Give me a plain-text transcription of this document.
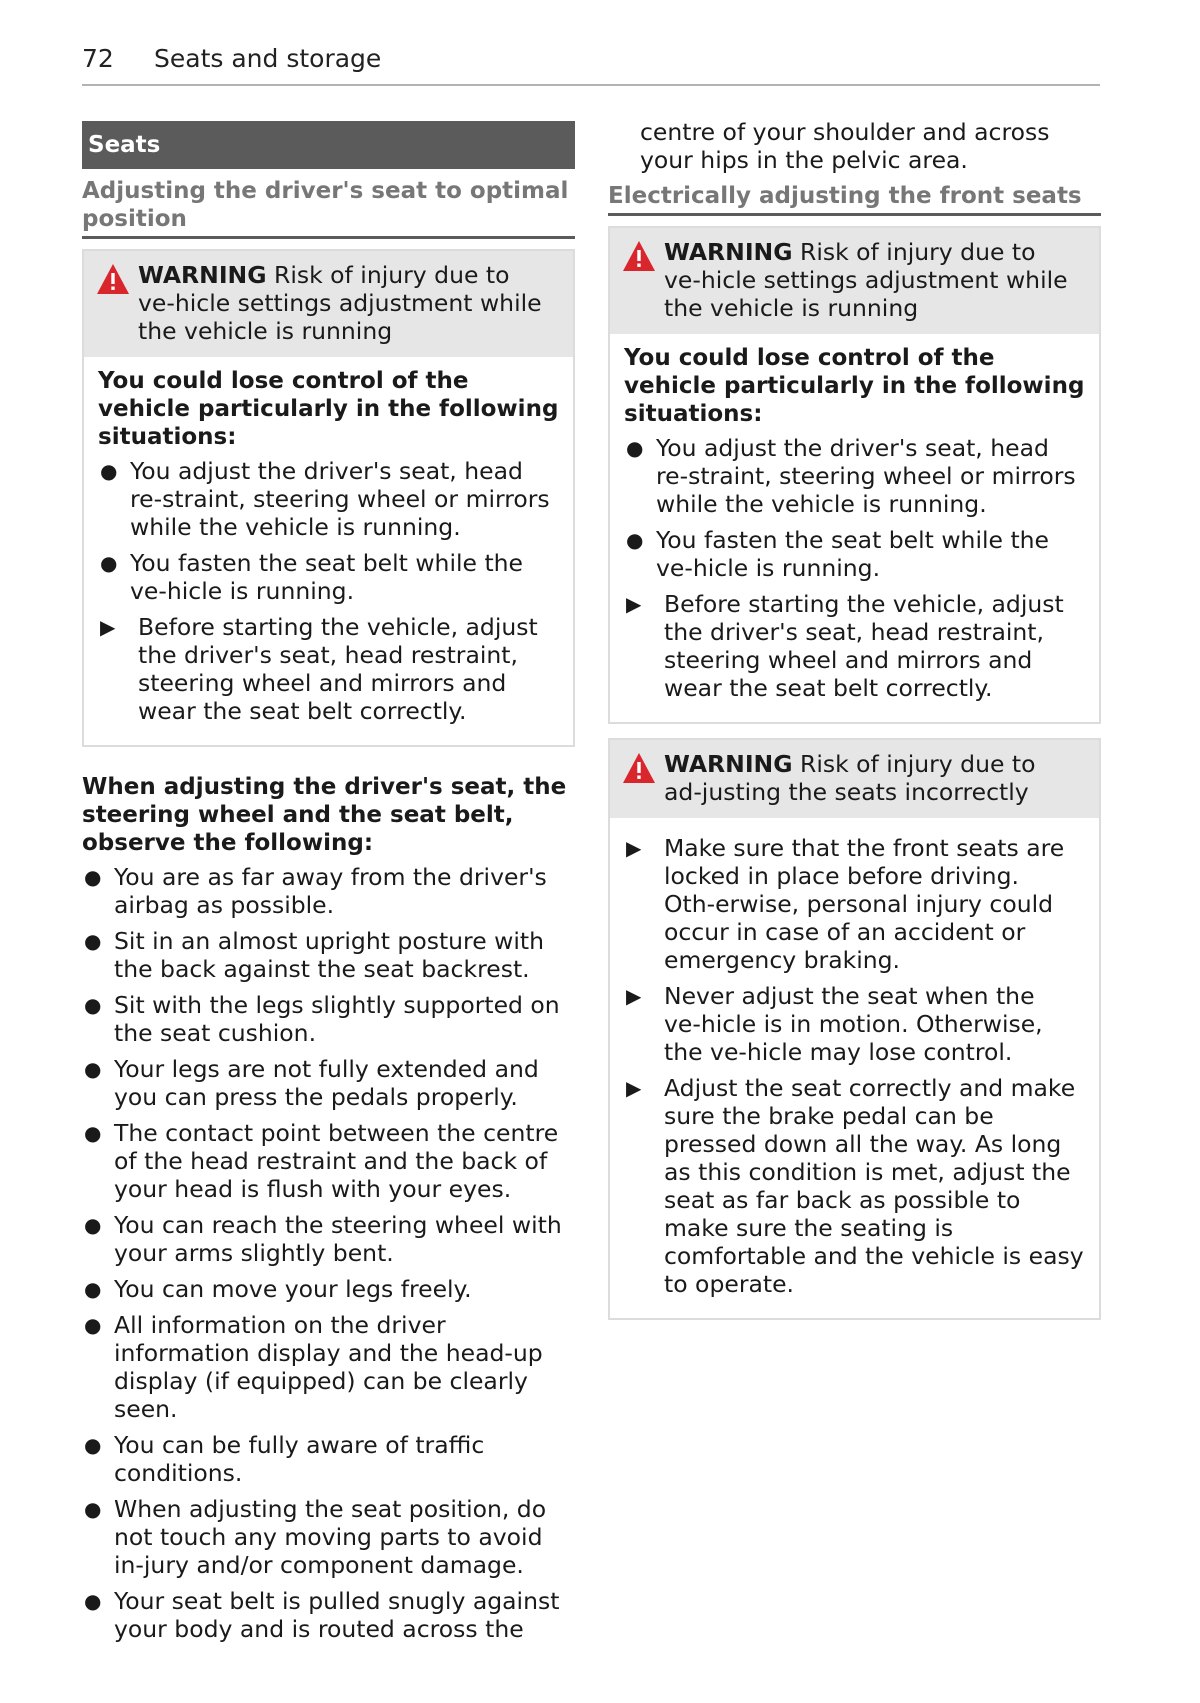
72	Seats and storage
Seats
Adjusting the driver's seat to optimal position
WARNING Risk of injury due to ve‑hicle settings adjustment while the vehicle is running

You could lose control of the vehicle particularly in the following situations:

● You adjust the driver's seat, head re‑straint, steering wheel or mirrors while the vehicle is running.
● You fasten the seat belt while the ve‑hicle is running.
▶ Before starting the vehicle, adjust the driver's seat, head restraint, steering wheel and mirrors and wear the seat belt correctly.

When adjusting the driver's seat, the steering wheel and the seat belt, observe the following:

● You are as far away from the driver's airbag as possible.
● Sit in an almost upright posture with the back against the seat backrest.
● Sit with the legs slightly supported on the seat cushion.
● Your legs are not fully extended and you can press the pedals properly.
● The contact point between the centre of the head restraint and the back of your head is flush with your eyes.
● You can reach the steering wheel with your arms slightly bent.
● You can move your legs freely.
● All information on the driver information display and the head‑up display (if equipped) can be clearly seen.
● You can be fully aware of traffic conditions.
● When adjusting the seat position, do not touch any moving parts to avoid in‑jury and/or component damage.
● Your seat belt is pulled snugly against your body and is routed across the
centre of your shoulder and across your hips in the pelvic area.
Electrically adjusting the front seats
WARNING Risk of injury due to ve‑hicle settings adjustment while the vehicle is running

You could lose control of the vehicle particularly in the following situations:

● You adjust the driver's seat, head re‑straint, steering wheel or mirrors while the vehicle is running.
● You fasten the seat belt while the ve‑hicle is running.
▶ Before starting the vehicle, adjust the driver's seat, head restraint, steering wheel and mirrors and wear the seat belt correctly.
WARNING Risk of injury due to ad‑justing the seats incorrectly
▶ Make sure that the front seats are locked in place before driving. Oth‑erwise, personal injury could occur in case of an accident or emergency braking.
▶ Never adjust the seat when the ve‑hicle is in motion. Otherwise, the ve‑hicle may lose control.
▶ Adjust the seat correctly and make sure the brake pedal can be pressed down all the way. As long as this condition is met, adjust the seat as far back as possible to make sure the seating is comfortable and the vehicle is easy to operate.
